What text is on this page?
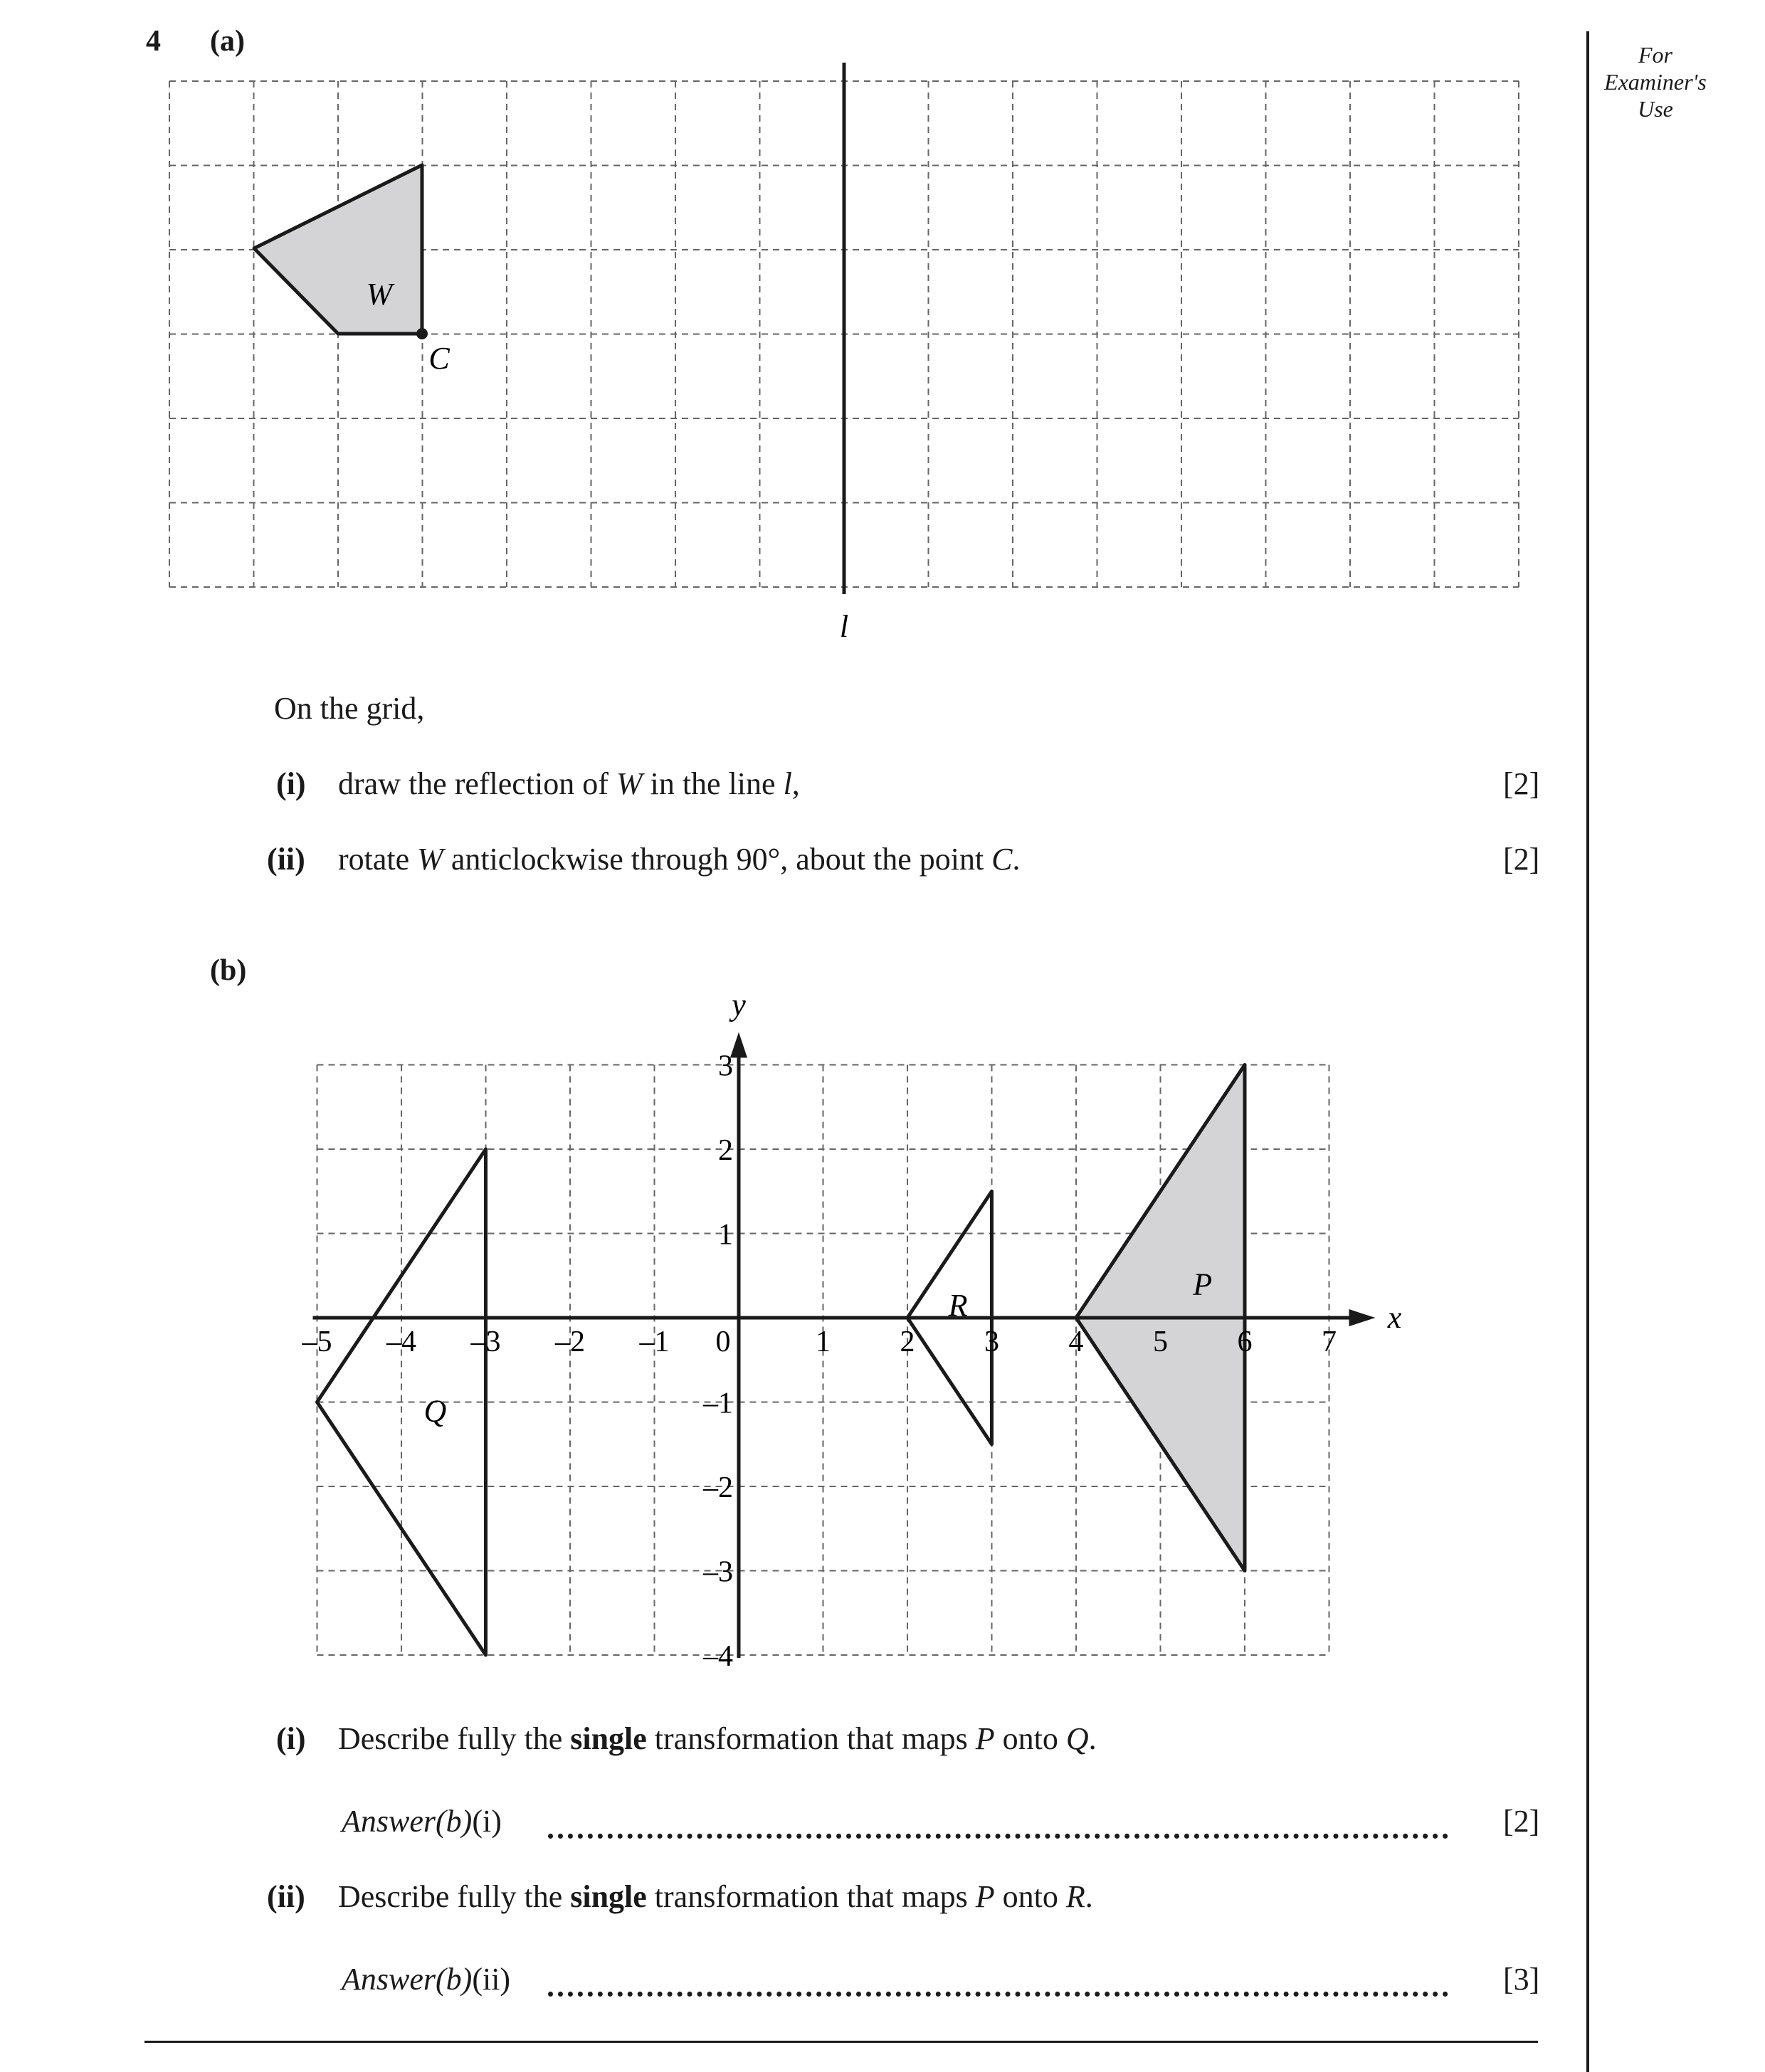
4 (a)	For
Examiner's
Use
W
C
l
On the grid,
(i) draw the reflection of W in the line l,	[2]
(ii) rotate W anticlockwise through 90°, about the point C.	[2]
(b)
x
y
–5 –4 –3 –2 –1 0	1 2 3 4 5 6 7
3
2
1
–1
–2
–3
–4
P
Q
R
(i) Describe fully the single transformation that maps P onto Q.
Answer(b)(i)	[2]
(ii) Describe fully the single transformation that maps P onto R.
Answer(b)(ii)	[3]
